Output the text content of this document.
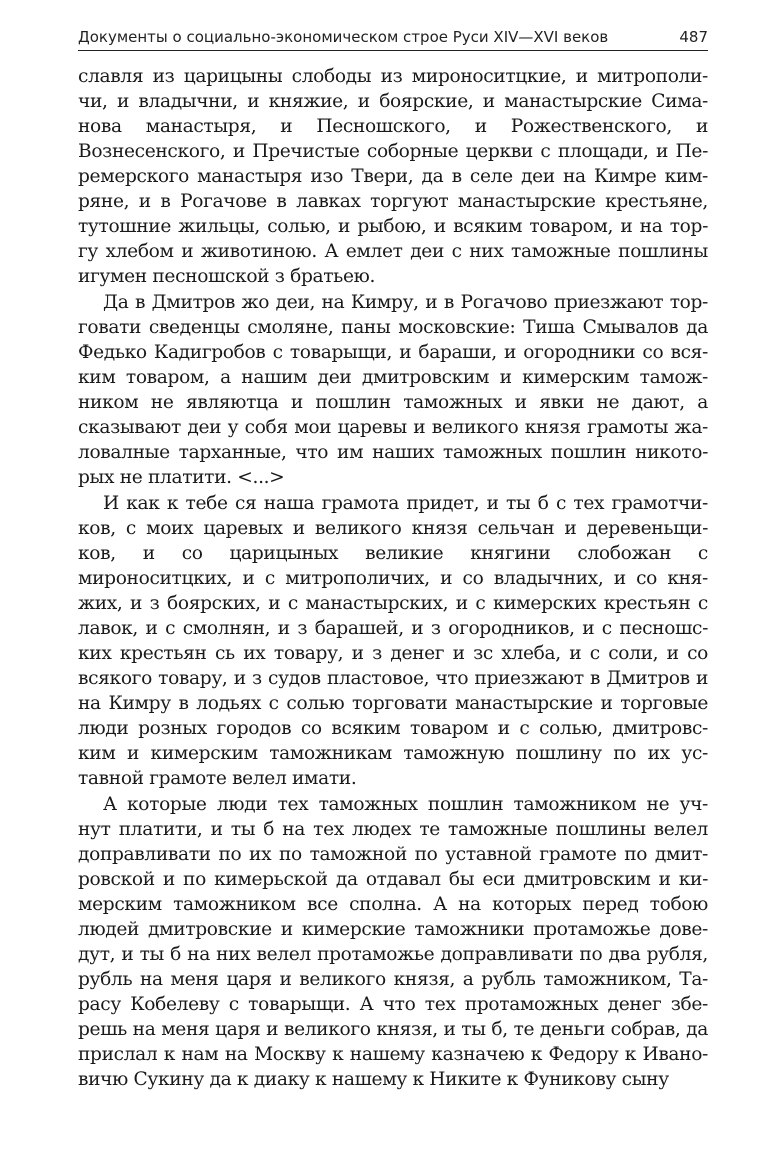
Документы о социально-экономическом строе Руси XIV—XVI веков	487
славля из царицыны слободы из мироноситцкие, и митрополи-
чи, и владычни, и княжие, и боярские, и манастырские Сима-
нова манастыря, и Песношского, и Рожественского, и
Вознесенского, и Пречистые соборные церкви с площади, и Пе-
ремерского манастыря изо Твери, да в селе деи на Кимре ким-
ряне, и в Рогачове в лавках торгуют манастырские крестьяне,
тутошние жильцы, солью, и рыбою, и всяким товаром, и на тор-
гу хлебом и животиною. А емлет деи с них таможные пошлины
игумен песношской з братьею.
Да в Дмитров жо деи, на Кимру, и в Рогачово приезжают тор-
говати сведенцы смоляне, паны московские: Тиша Смывалов да
Федько Кадигробов с товарыщи, и бараши, и огородники со вся-
ким товаром, а нашим деи дмитровским и кимерским тамож-
ником не являютца и пошлин таможных и явки не дают, а
сказывают деи у собя мои царевы и великого князя грамоты жа-
ловалные тарханные, что им наших таможных пошлин никото-
рых не платити. <...>
И как к тебе ся наша грамота придет, и ты б с тех грамотчи-
ков, с моих царевых и великого князя сельчан и деревеньщи-
ков, и со царицыных великие княгини слобожан с
мироноситцких, и с митрополичих, и со владычних, и со кня-
жих, и з боярских, и с манастырских, и с кимерских крестьян с
лавок, и с смолнян, и з барашей, и з огородников, и с песношс-
ких крестьян сь их товару, и з денег и зс хлеба, и с соли, и со
всякого товару, и з судов пластовое, что приезжают в Дмитров и
на Кимру в лодьях с солью торговати манастырские и торговые
люди розных городов со всяким товаром и с солью, дмитровс-
ким и кимерским таможникам таможную пошлину по их ус-
тавной грамоте велел имати.
А которые люди тех таможных пошлин таможником не уч-
нут платити, и ты б на тех людех те таможные пошлины велел
доправливати по их по таможной по уставной грамоте по дмит-
ровской и по кимерьской да отдавал бы еси дмитровским и ки-
мерским таможником все сполна. А на которых перед тобою
людей дмитровские и кимерские таможники протаможье дове-
дут, и ты б на них велел протаможье доправливати по два рубля,
рубль на меня царя и великого князя, а рубль таможником, Та-
расу Кобелеву с товарыщи. А что тех протаможных денег збе-
решь на меня царя и великого князя, и ты б, те деньги собрав, да
прислал к нам на Москву к нашему казначею к Федору к Ивано-
вичю Сукину да к диаку к нашему к Никите к Фуникову сыну
